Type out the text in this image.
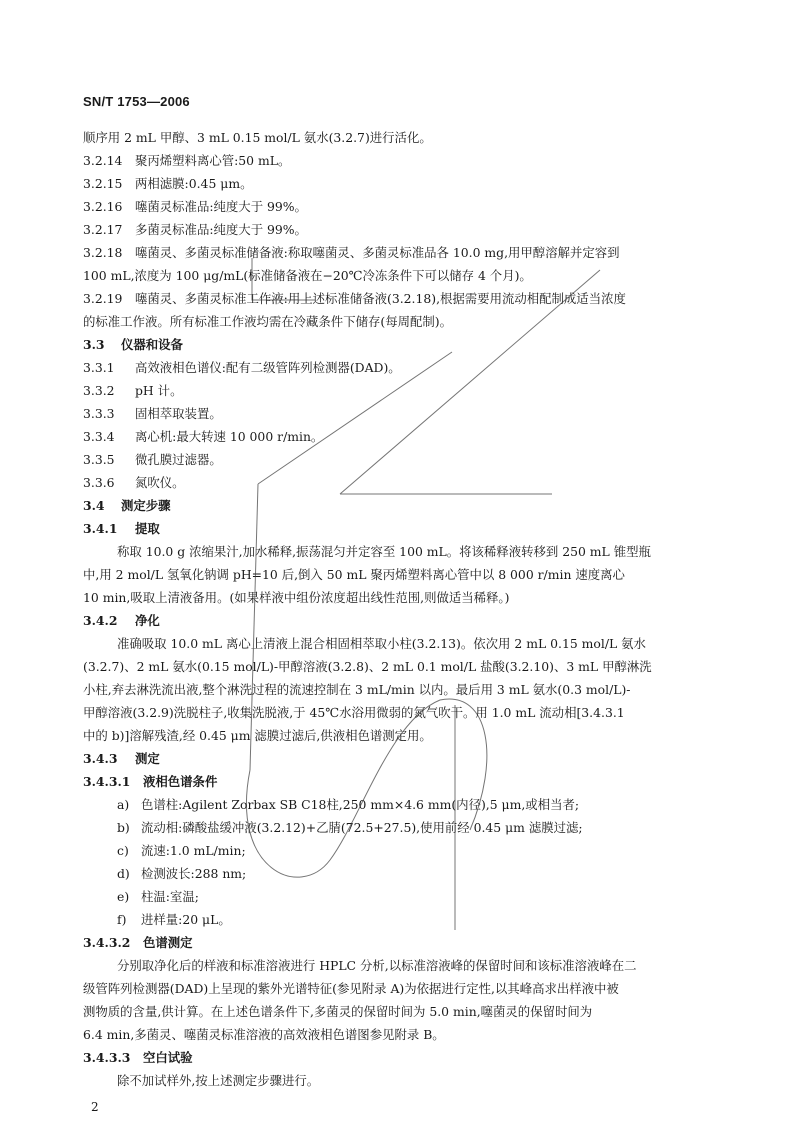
SN/T 1753—2006
顺序用 2 mL 甲醇、3 mL 0.15 mol/L 氨水(3.2.7)进行活化。
3.2.14 聚丙烯塑料离心管:50 mL。
3.2.15 两相滤膜:0.45 μm。
3.2.16 噻菌灵标准品:纯度大于 99%。
3.2.17 多菌灵标准品:纯度大于 99%。
3.2.18 噻菌灵、多菌灵标准储备液:称取噻菌灵、多菌灵标准品各 10.0 mg,用甲醇溶解并定容到
100 mL,浓度为 100 μg/mL(标准储备液在−20℃冷冻条件下可以储存 4 个月)。
3.2.19 噻菌灵、多菌灵标准工作液:用上述标准储备液(3.2.18),根据需要用流动相配制成适当浓度
的标准工作液。所有标准工作液均需在冷藏条件下储存(每周配制)。
3.3 仪器和设备
3.3.1 高效液相色谱仪:配有二级管阵列检测器(DAD)。
3.3.2 pH 计。
3.3.3 固相萃取装置。
3.3.4 离心机:最大转速 10 000 r/min。
3.3.5 微孔膜过滤器。
3.3.6 氮吹仪。
3.4 测定步骤
3.4.1 提取
称取 10.0 g 浓缩果汁,加水稀释,振荡混匀并定容至 100 mL。将该稀释液转移到 250 mL 锥型瓶
中,用 2 mol/L 氢氧化钠调 pH=10 后,倒入 50 mL 聚丙烯塑料离心管中以 8 000 r/min 速度离心
10 min,吸取上清液备用。(如果样液中组份浓度超出线性范围,则做适当稀释。)
3.4.2 净化
准确吸取 10.0 mL 离心上清液上混合相固相萃取小柱(3.2.13)。依次用 2 mL 0.15 mol/L 氨水
(3.2.7)、2 mL 氨水(0.15 mol/L)-甲醇溶液(3.2.8)、2 mL 0.1 mol/L 盐酸(3.2.10)、3 mL 甲醇淋洗
小柱,弃去淋洗流出液,整个淋洗过程的流速控制在 3 mL/min 以内。最后用 3 mL 氨水(0.3 mol/L)-
甲醇溶液(3.2.9)洗脱柱子,收集洗脱液,于 45℃水浴用微弱的氮气吹干。用 1.0 mL 流动相[3.4.3.1
中的 b)]溶解残渣,经 0.45 μm 滤膜过滤后,供液相色谱测定用。
3.4.3 测定
3.4.3.1 液相色谱条件
a) 色谱柱:Agilent Zorbax SB C18柱,250 mm×4.6 mm(内径),5 μm,或相当者;
b) 流动相:磷酸盐缓冲液(3.2.12)+乙腈(72.5+27.5),使用前经 0.45 μm 滤膜过滤;
c) 流速:1.0 mL/min;
d) 检测波长:288 nm;
e) 柱温:室温;
f) 进样量:20 μL。
3.4.3.2 色谱测定
分别取净化后的样液和标准溶液进行 HPLC 分析,以标准溶液峰的保留时间和该标准溶液峰在二
级管阵列检测器(DAD)上呈现的紫外光谱特征(参见附录 A)为依据进行定性,以其峰高求出样液中被
测物质的含量,供计算。在上述色谱条件下,多菌灵的保留时间为 5.0 min,噻菌灵的保留时间为
6.4 min,多菌灵、噻菌灵标准溶液的高效液相色谱图参见附录 B。
3.4.3.3 空白试验
除不加试样外,按上述测定步骤进行。
2
